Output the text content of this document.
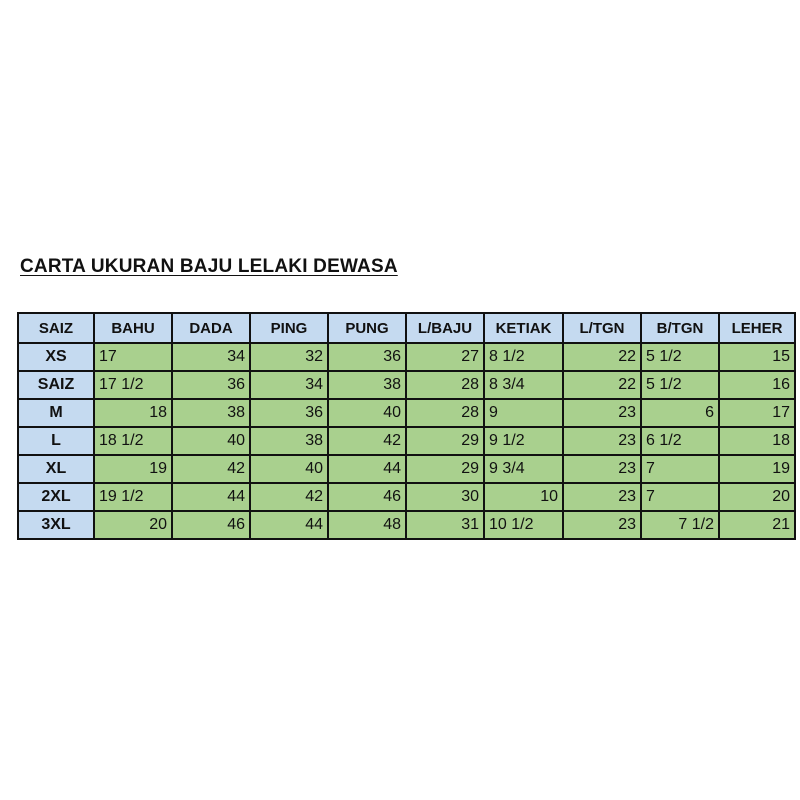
CARTA UKURAN BAJU LELAKI DEWASA
SAIZ	BAHU	DADA	PING	PUNG	L/BAJU	KETIAK	L/TGN	B/TGN	LEHER
XS	17	34	32	36	27	8 1/2	22	5 1/2	15
SAIZ	17 1/2	36	34	38	28	8 3/4	22	5 1/2	16
M	18	38	36	40	28	9	23	6	17
L	18 1/2	40	38	42	29	9 1/2	23	6 1/2	18
XL	19	42	40	44	29	9 3/4	23	7	19
2XL	19 1/2	44	42	46	30	10	23	7	20
3XL	20	46	44	48	31	10 1/2	23	7 1/2	21
